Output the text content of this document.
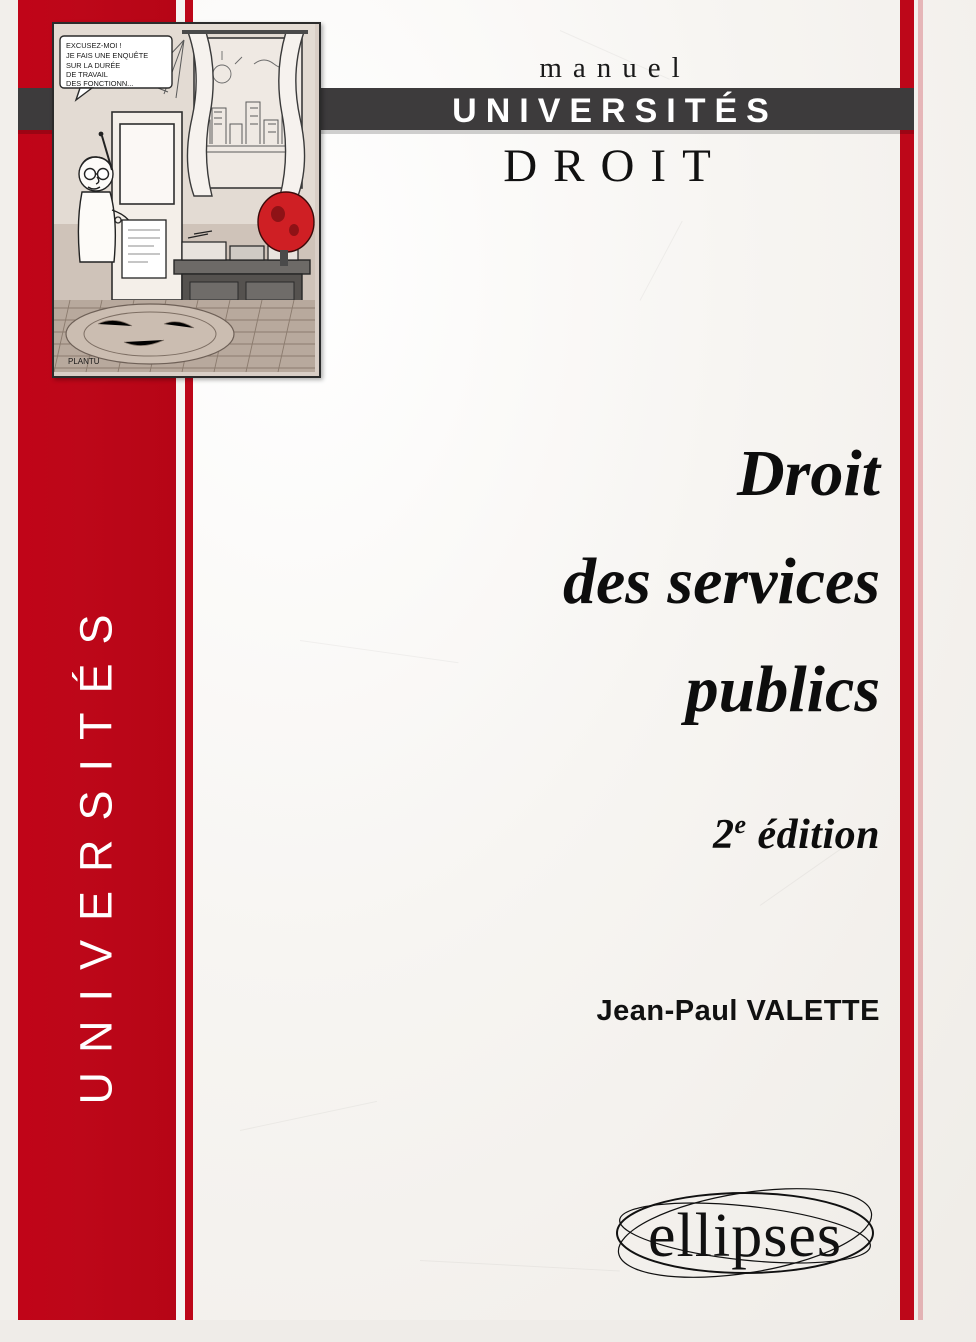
UNIVERSITÉS
manuel
UNIVERSITÉS
DROIT
EXCUSEZ-MOI !
JE FAIS UNE ENQUÊTE
SUR LA DURÉE
DE TRAVAIL
DES FONCTIONN...
PLANTU
Droit
des services
publics
2e édition
Jean-Paul VALETTE
ellipses
